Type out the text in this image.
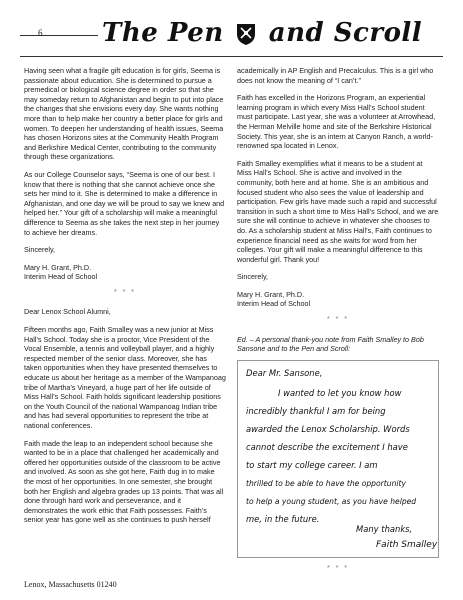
6 The Pen and Scroll

Having seen what a fragile gift education is for girls, Seema is passionate about education. She is determined to pursue a premedical or biological science degree in order so that she may someday return to Afghanistan and begin to put into place the changes that she envisions every day. She wants nothing more than to help make her country a better place for girls and women. To deepen her understanding of health issues, Seema has chosen Horizons sites at the Community Health Program and Berkshire Medical Center, contributing to the community through these organizations.

As our College Counselor says, “Seema is one of our best. I know that there is nothing that she cannot achieve once she sets her mind to it. She is determined to make a difference in Afghanistan, and one day we will be proud to say we knew and helped her.” Your gift of a scholarship will make a meaningful difference to Seema as she takes the next step in her journey to achieve her dreams.

Sincerely,

Mary H. Grant, Ph.D.
Interim Head of School
* * *

Dear Lenox School Alumni,

Fifteen months ago, Faith Smalley was a new junior at Miss Hall’s School. Today she is a proctor, Vice President of the Vocal Ensemble, a tennis and volleyball player, and a highly respected member of the senior class. Moreover, she has taken opportunities when they have presented themselves to educate us about her heritage as a member of the Wampanoag tribe of Martha’s Vineyard, a huge part of her life outside of Miss Hall’s School. Faith holds significant leadership positions on the Youth Council of the national Wampanoag Indian tribe and has had several opportunities to represent the tribe at national conferences.

Faith made the leap to an independent school because she wanted to be in a place that challenged her academically and offered her opportunities outside of the classroom to be active and involved. As soon as she got here, Faith dug in to make the most of her opportunities. In one semester, she brought both her English and algebra grades up 13 points. That was all done through hard work and perseverance, and it demonstrates the work ethic that Faith possesses. Faith’s senior year has gone well as she continues to push herself

academically in AP English and Precalculus. This is a girl who does not know the meaning of “I can’t.”

Faith has excelled in the Horizons Program, an experiential learning program in which every Miss Hall’s School student must participate. Last year, she was a volunteer at Arrowhead, the Herman Melville home and site of the Berkshire Historical Society. This year, she is an intern at Canyon Ranch, a world-renowned spa located in Lenox.

Faith Smalley exemplifies what it means to be a student at Miss Hall’s School. She is active and involved in the community, both here and at home. She is an ambitious and focused student who also sees the value of leadership and participation. Few girls have made such a rapid and successful transition in such a short time to Miss Hall’s School, and we are sure she will continue to achieve in whatever she chooses to do. As a scholarship student at Miss Hall’s, Faith continues to experience financial need as she waits for word from her colleges. Your gift will make a meaningful difference to this wonderful girl. Thank you!

Sincerely,

Mary H. Grant, Ph.D.
Interim Head of School
* * *
Ed. – A personal thank-you note from Faith Smalley to Bob Sansone and to the Pen and Scroll:
Dear Mr. Sansone,
I wanted to let you know how
incredibly thankful I am for being
awarded the Lenox Scholarship. Words
cannot describe the excitement I have
to start my college career. I am
thrilled to be able to have the opportunity
to help a young student, as you have helped
me, in the future.
Many thanks,
Faith Smalley
* * *
Lenox, Massachusetts 01240
